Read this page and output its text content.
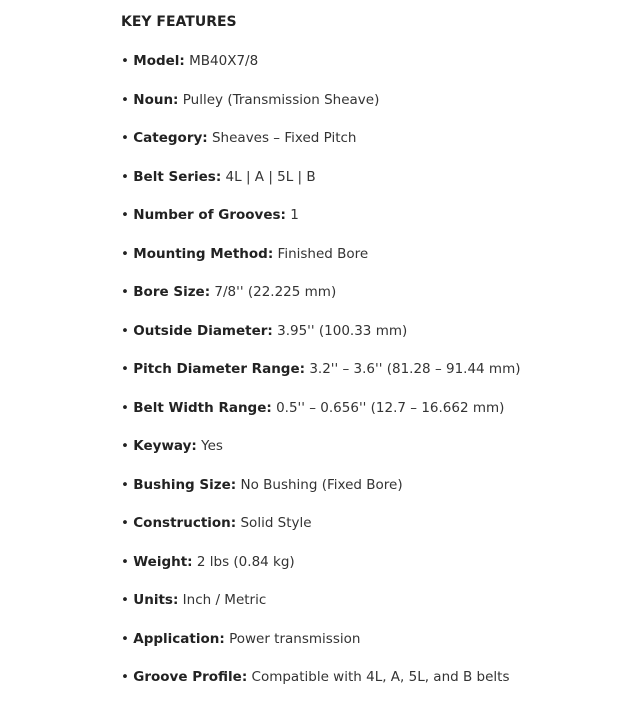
KEY FEATURES
• Model: MB40X7/8
• Noun: Pulley (Transmission Sheave)
• Category: Sheaves – Fixed Pitch
• Belt Series: 4L | A | 5L | B
• Number of Grooves: 1
• Mounting Method: Finished Bore
• Bore Size: 7/8'' (22.225 mm)
• Outside Diameter: 3.95'' (100.33 mm)
• Pitch Diameter Range: 3.2'' – 3.6'' (81.28 – 91.44 mm)
• Belt Width Range: 0.5'' – 0.656'' (12.7 – 16.662 mm)
• Keyway: Yes
• Bushing Size: No Bushing (Fixed Bore)
• Construction: Solid Style
• Weight: 2 lbs (0.84 kg)
• Units: Inch / Metric
• Application: Power transmission
• Groove Profile: Compatible with 4L, A, 5L, and B belts
